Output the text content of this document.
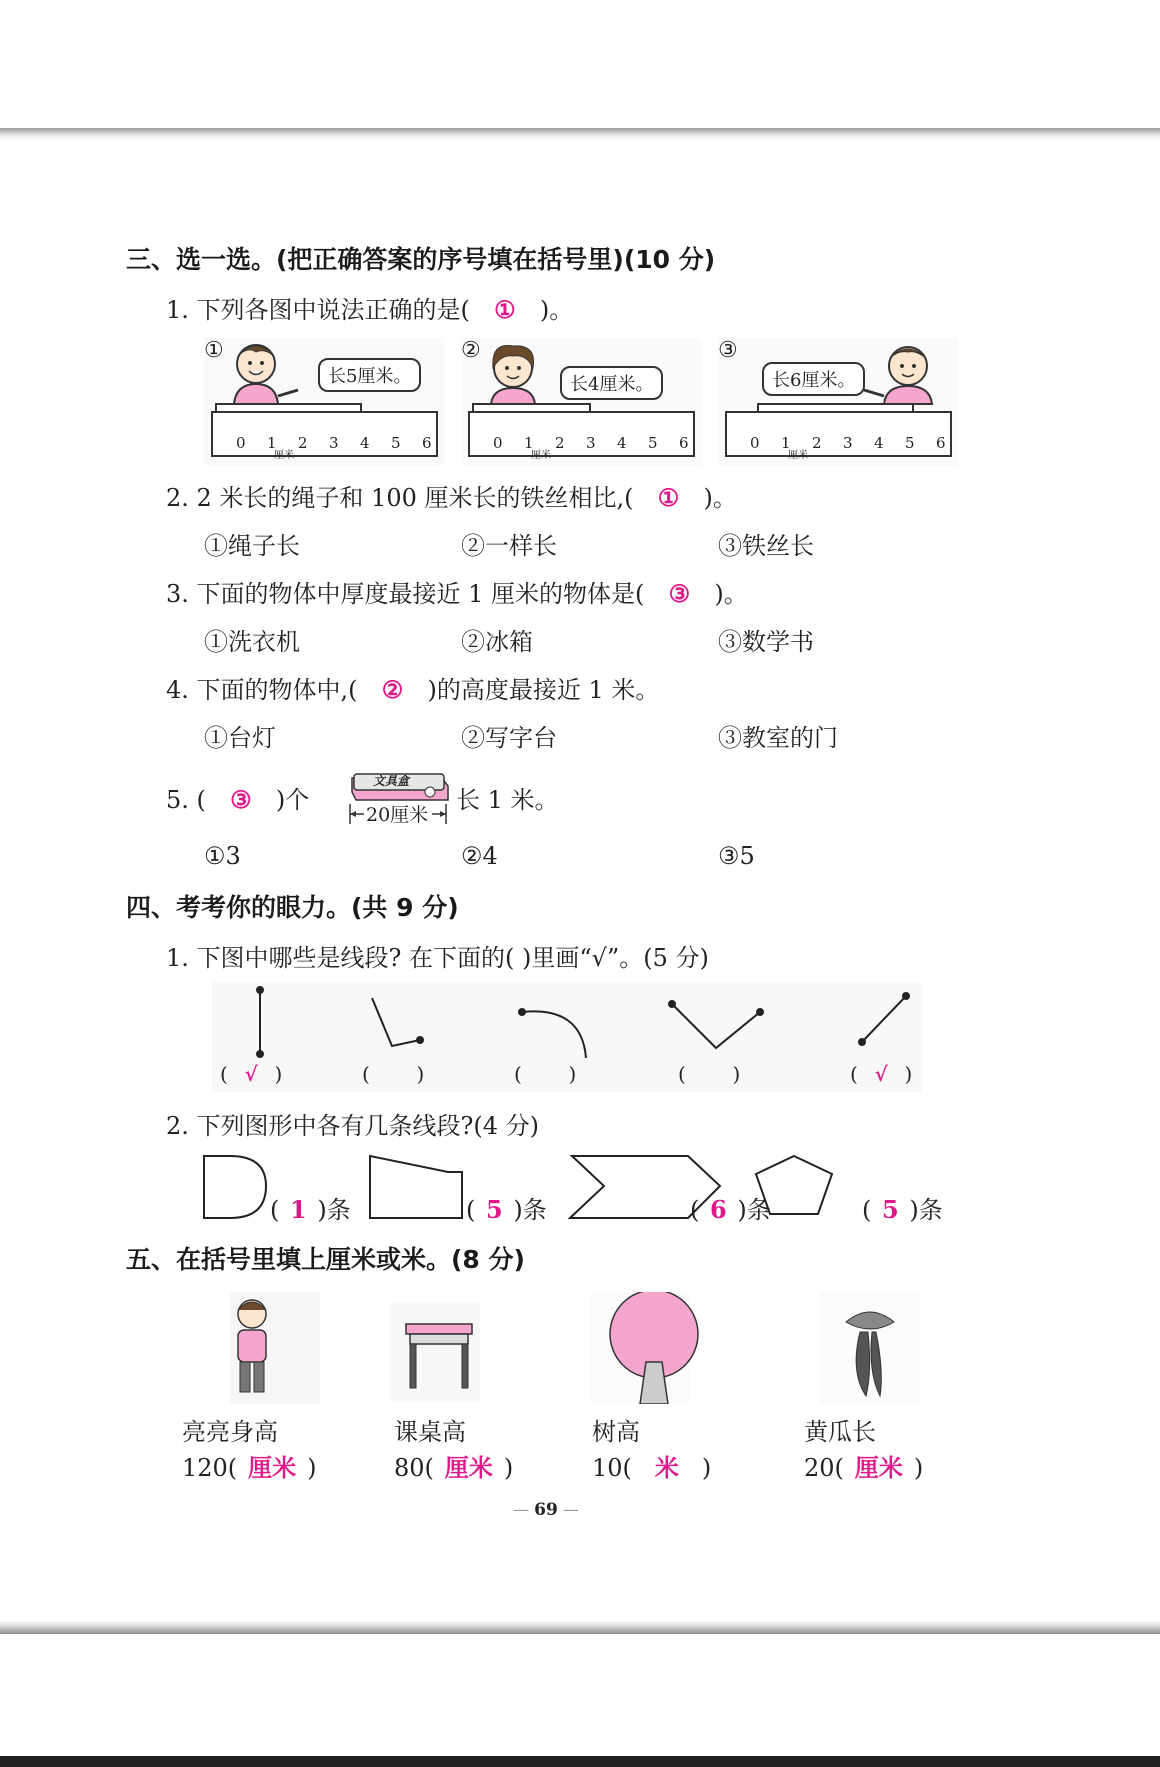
三、选一选。(把正确答案的序号填在括号里)(10 分)
1. 下列各图中说法正确的是( ① )。
①	②	③
长5厘米。	长4厘米。	长6厘米。
0 1 2 3 4 5 6
厘米
0 1 2 3 4 5 6
厘米
0 1 2 3 4 5 6
厘米
2. 2 米长的绳子和 100 厘米长的铁丝相比,( ① )。
①绳子长	②一样长	③铁丝长
3. 下面的物体中厚度最接近 1 厘米的物体是( ③ )。
①洗衣机	②冰箱	③数学书
4. 下面的物体中,( ② )的高度最接近 1 米。
①台灯	②写字台	③教室的门
5. ( ③ )个
文具盒
20厘米
长 1 米。
①3	②4	③5
四、考考你的眼力。(共 9 分)
1. 下图中哪些是线段? 在下面的( )里画“√”。(5 分)
( √ )	(  )	(  )	(  )	( √ )
2. 下列图形中各有几条线段?(4 分)
( 1 )条	( 5 )条	( 6 )条	( 5 )条
五、在括号里填上厘米或米。(8 分)
亮亮身高
120( 厘米 )
课桌高
80( 厘米 )
树高
10( 米 )
黄瓜长
20( 厘米 )
— 69 —
